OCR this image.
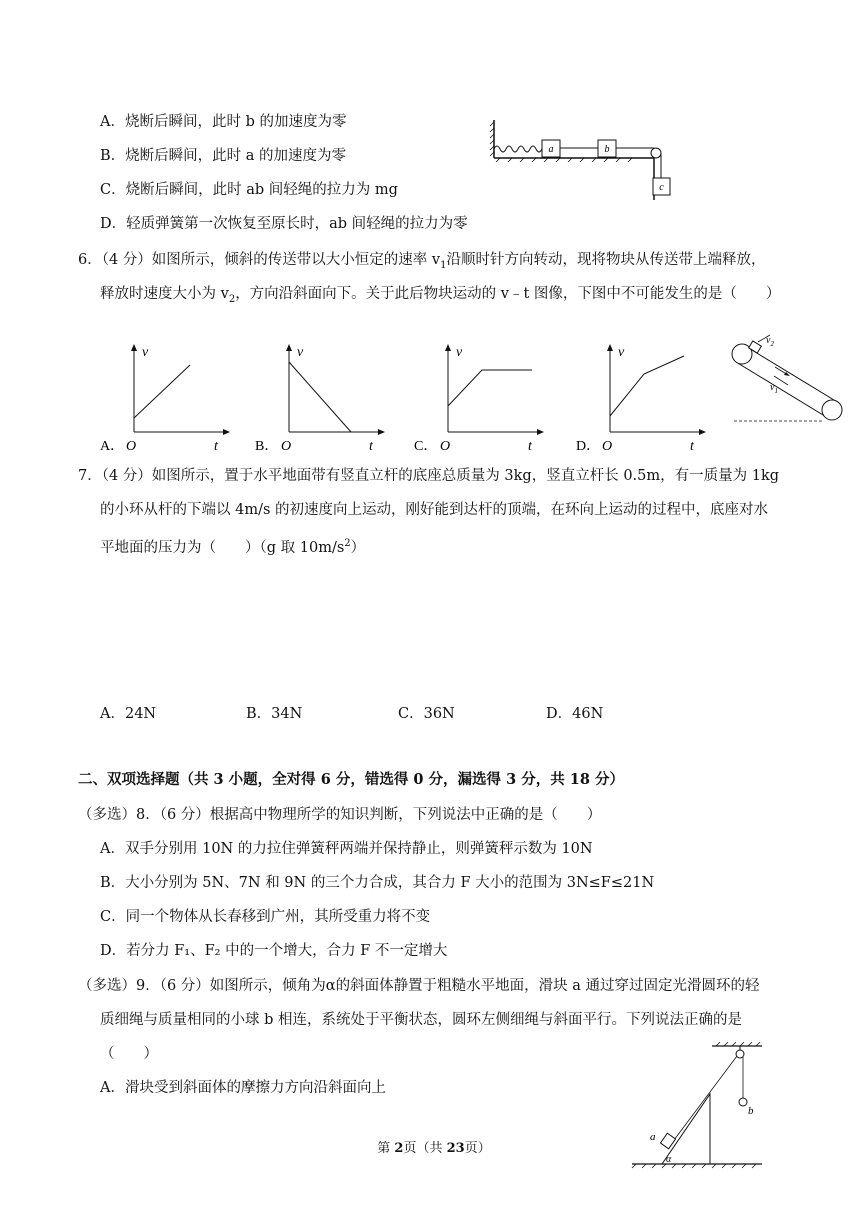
A．烧断后瞬间，此时 b 的加速度为零
B．烧断后瞬间，此时 a 的加速度为零
C．烧断后瞬间，此时 ab 间轻绳的拉力为 mg
D．轻质弹簧第一次恢复至原长时，ab 间轻绳的拉力为零
a	b
c
6．（4 分）如图所示，倾斜的传送带以大小恒定的速率 $v_1$沿顺时针方向转动，现将物块从传送带上端释放，
释放时速度大小为 $v_2$，方向沿斜面向下。关于此后物块运动的 v﹣t 图像，下图中不可能发生的是（　　）
A．
v
t
O	B．
v
t
O	C．
v
t
O	D．
v
t
O
$v_2$
$v_1$
7．（4 分）如图所示，置于水平地面带有竖直立杆的底座总质量为 3kg，竖直立杆长 0.5m，有一质量为 1kg
的小环从杆的下端以 4m/s 的初速度向上运动，刚好能到达杆的顶端，在环向上运动的过程中，底座对水
平地面的压力为（　　）（g 取 $10m/s^2$）
A．24N	B．34N	C．36N	D．46N
二、双项选择题（共 3 小题，全对得 6 分，错选得 0 分，漏选得 3 分，共 18 分）
（多选）8．（6 分）根据高中物理所学的知识判断，下列说法中正确的是（　　）
A．双手分别用 10N 的力拉住弹簧秤两端并保持静止，则弹簧秤示数为 10N
B．大小分别为 5N、7N 和 9N 的三个力合成，其合力 F 大小的范围为 3N≤F≤21N
C．同一个物体从长春移到广州，其所受重力将不变
D．若分力 F₁、F₂ 中的一个增大，合力 F 不一定增大
（多选）9．（6 分）如图所示，倾角为α的斜面体静置于粗糙水平地面，滑块 a 通过穿过固定光滑圆环的轻
质细绳与质量相同的小球 b 相连，系统处于平衡状态，圆环左侧细绳与斜面平行。下列说法正确的是
（　　）
A．滑块受到斜面体的摩擦力方向沿斜面向上
b
a
α
第 2页（共 23页）
